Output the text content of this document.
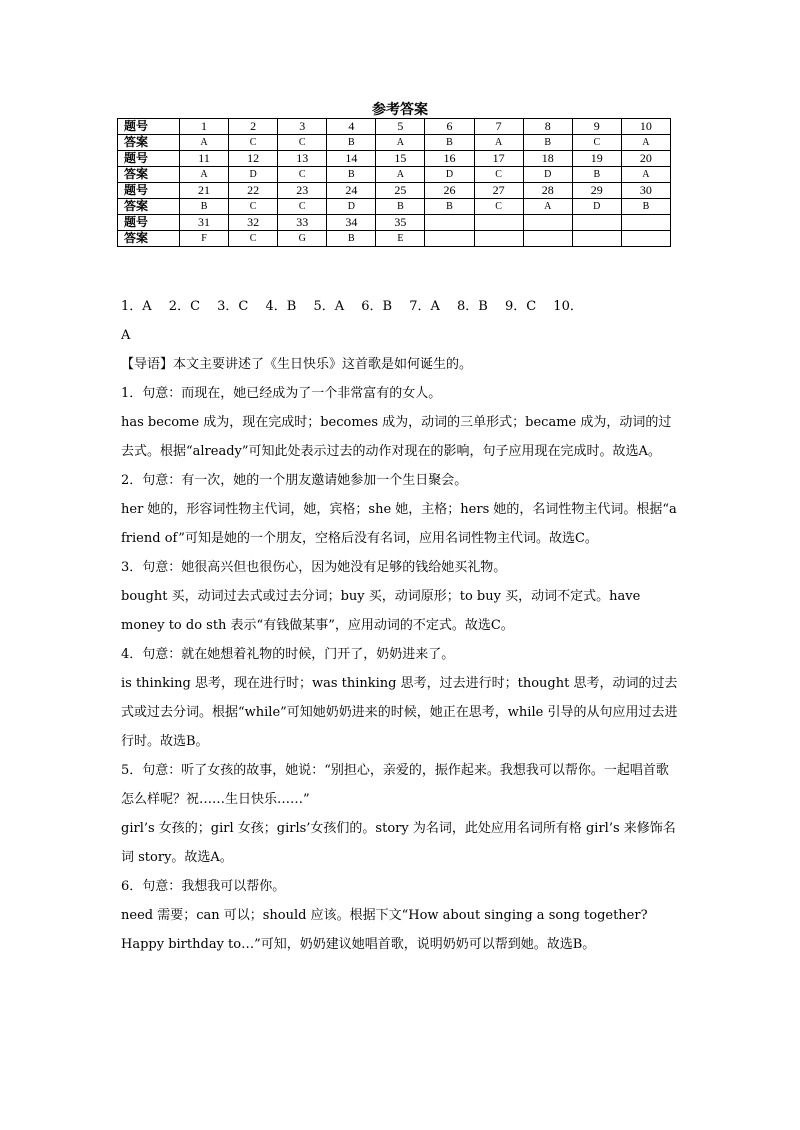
参考答案
题号	1	2	3	4	5	6	7	8	9	10
答案	A	C	C	B	A	B	A	B	C	A
题号	11	12	13	14	15	16	17	18	19	20
答案	A	D	C	B	A	D	C	D	B	A
题号	21	22	23	24	25	26	27	28	29	30
答案	B	C	C	D	B	B	C	A	D	B
题号	31	32	33	34	35					
答案	F	C	G	B	E					

1．A　 2．C　 3．C　 4．B　 5．A　 6．B　 7．A　 8．B　 9．C　 10．

A

【导语】本文主要讲述了《生日快乐》这首歌是如何诞生的。

1．句意：而现在，她已经成为了一个非常富有的女人。

has become 成为，现在完成时；becomes 成为，动词的三单形式；became 成为，动词的过去式。根据“already”可知此处表示过去的动作对现在的影响，句子应用现在完成时。故选A。

2．句意：有一次，她的一个朋友邀请她参加一个生日聚会。

her 她的，形容词性物主代词，她，宾格；she 她，主格；hers 她的，名词性物主代词。根据“a friend of”可知是她的一个朋友，空格后没有名词，应用名词性物主代词。故选C。

3．句意：她很高兴但也很伤心，因为她没有足够的钱给她买礼物。

bought 买，动词过去式或过去分词；buy 买，动词原形；to buy 买，动词不定式。have money to do sth 表示“有钱做某事”，应用动词的不定式。故选C。

4．句意：就在她想着礼物的时候，门开了，奶奶进来了。

is thinking 思考，现在进行时；was thinking 思考，过去进行时；thought 思考，动词的过去式或过去分词。根据“while”可知她奶奶进来的时候，她正在思考，while 引导的从句应用过去进行时。故选B。

5．句意：听了女孩的故事，她说：“别担心，亲爱的，振作起来。我想我可以帮你。一起唱首歌怎么样呢？祝……生日快乐……”

girl’s 女孩的；girl 女孩；girls’女孩们的。story 为名词，此处应用名词所有格 girl’s 来修饰名词 story。故选A。

6．句意：我想我可以帮你。

need 需要；can 可以；should 应该。根据下文“How about singing a song together? Happy birthday to…”可知，奶奶建议她唱首歌，说明奶奶可以帮到她。故选B。
